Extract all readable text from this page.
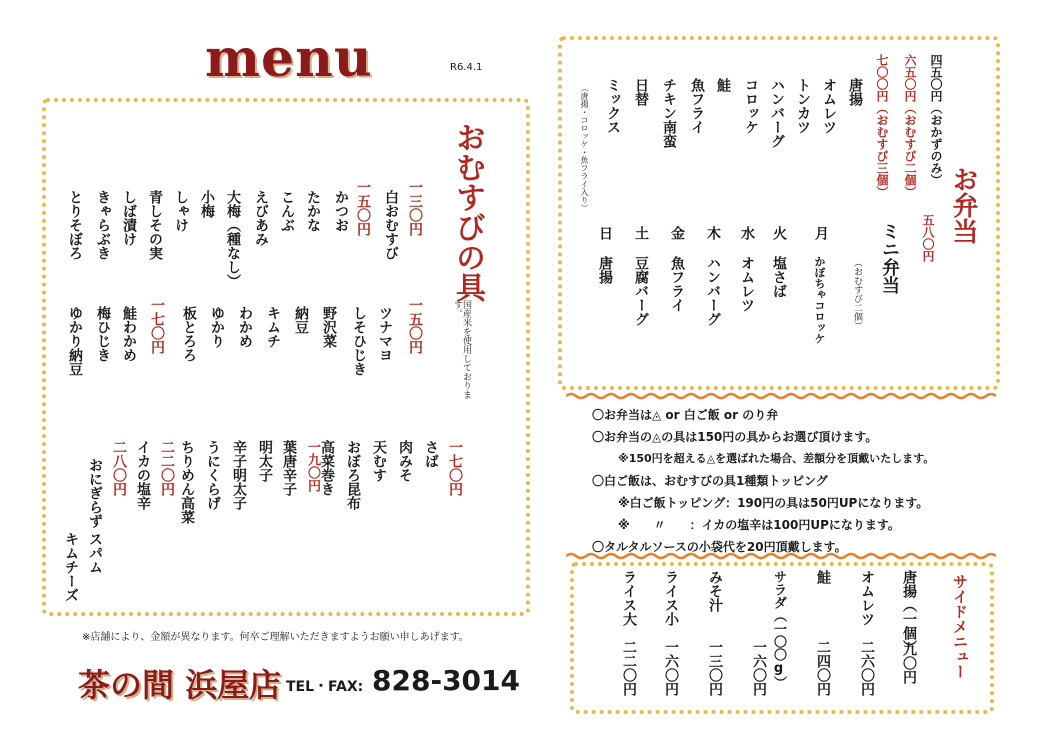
menu	R6.4.1
おむすびの具
国産米を使用しております。
一三〇円
白おむすび
一五〇円
かつお
たかな
こんぶ
えびあみ
大梅（種なし）
小梅
しゃけ
青しその実
しば漬け
きゃらぶき
とりそぼろ
一五〇円
ツナマヨ
しそひじき
野沢菜
納豆
キムチ
わかめ
ゆかり
板とろろ
一七〇円
鮭わかめ
梅ひじき
ゆかり納豆
一七〇円
さば
肉みそ
天むす
おぼろ昆布
高菜巻き
一九〇円
葉唐辛子
明太子
辛子明太子
うにくらげ
ちりめん高菜
二二〇円
イカの塩辛
二八〇円
おにぎらず
スパム
キムチーズ
※店舗により、金額が異なります。何卒ご理解いただきますようお願い申しあげます。
茶の間 浜屋店 TEL・FAX: 828-3014
お弁当
四五〇円（おかずのみ）
六五〇円（おむすび二個）
七〇〇円（おむすび三個）
唐揚
オムレツ
トンカツ
ハンバーグ
コロッケ
鮭
魚フライ
チキン南蛮
日替
ミックス
（唐揚・コロッケ・魚フライ入り）
五八〇円
ミニ弁当
（おむすび二個）
月
かぼちゃコロッケ
火
塩さば
水
オムレツ
木
ハンバーグ
金
魚フライ
土
豆腐バーグ
日
唐揚
〇お弁当は◬ or 白ご飯 or のり弁
〇お弁当の◬の具は150円の具からお選び頂けます。
※150円を超える◬を選ばれた場合、差額分を頂戴いたします。
〇白ご飯は、おむすびの具1種類トッピング
※白ご飯トッピング：190円の具は50円UPになります。
※　　〃　　：イカの塩辛は100円UPになります。
〇タルタルソースの小袋代を20円頂戴します。
サイドメニュー
唐揚（一個）
九〇円
オムレツ
二六〇円
鮭
二四〇円
サラダ（一〇〇g）
一六〇円
みそ汁
一三〇円
ライス小
一六〇円
ライス大
二二〇円
